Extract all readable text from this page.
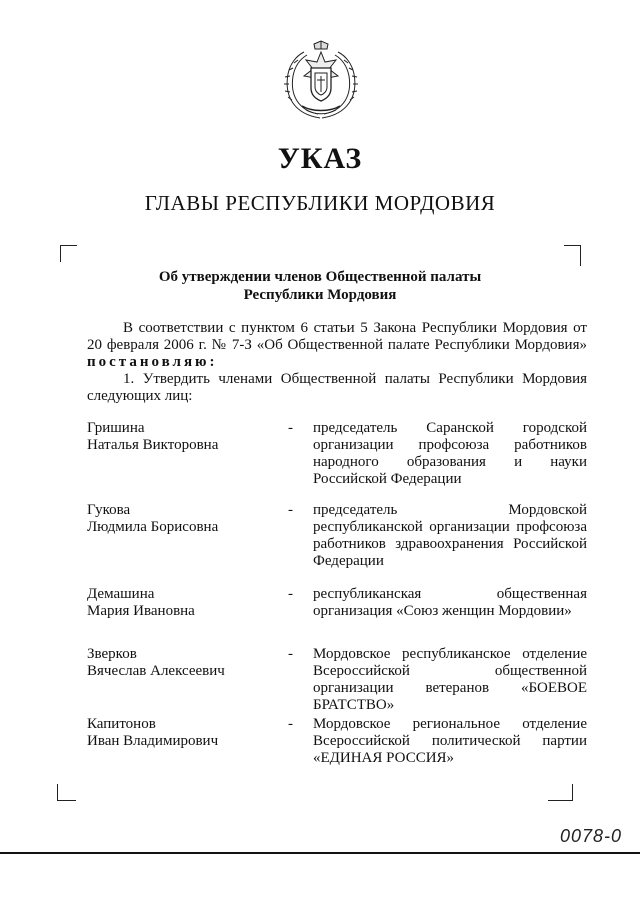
УКАЗ
ГЛАВЫ РЕСПУБЛИКИ МОРДОВИЯ
Об утверждении членов Общественной палаты
Республики Мордовия

В соответствии с пунктом 6 статьи 5 Закона Республики Мордовия от 20 февраля 2006 г. № 7-З «Об Общественной палате Республики Мордовия» постановляю:

1. Утвердить членами Общественной палаты Республики Мордовия следующих лиц:

Гришина
Наталья Викторовна
- председатель Саранской городской организации профсоюза работников народного образования и науки Российской Федерации
Гукова
Людмила Борисовна
- председатель Мордовской республиканской организации профсоюза работников здравоохранения Российской Федерации
Демашина
Мария Ивановна
- республиканская общественная организация «Союз женщин Мордовии»
Зверков
Вячеслав Алексеевич
- Мордовское республиканское отделение Всероссийской общественной организации ветеранов «БОЕВОЕ БРАТСТВО»
Капитонов
Иван Владимирович
- Мордовское региональное отделение Всероссийской политической партии «ЕДИНАЯ РОССИЯ»
0078-0
